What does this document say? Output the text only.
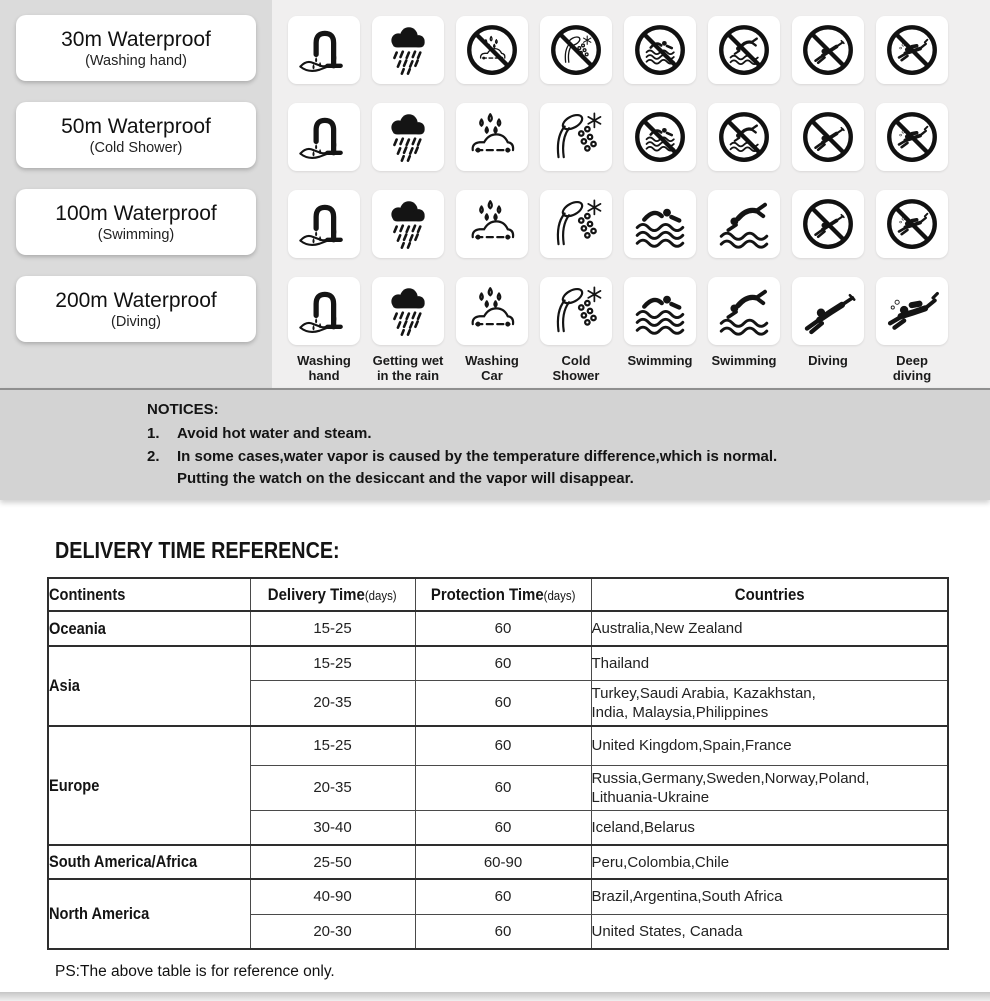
30m Waterproof
(Washing hand)
50m Waterproof
(Cold Shower)
100m Waterproof
(Swimming)
200m Waterproof
(Diving)
Washing hand
Getting wet in the rain
Washing Car
Cold Shower
Swimming Swimming	Diving	Deep diving
NOTICES:
1.	Avoid hot water and steam.
2.	In some cases,water vapor is caused by the temperature difference,which is normal.
Putting the watch on the desiccant and the vapor will disappear.
DELIVERY TIME REFERENCE:
Continents	Delivery Time(days)	Protection Time(days)	Countries
Oceania	15-25	60	Australia,New Zealand

Asia	15-25	60	Thailand

	20-35	60	Turkey,Saudi Arabia, Kazakhstan,
India, Malaysia,Philippines

Europe	15-25	60	United Kingdom,Spain,France

	20-35	60	Russia,Germany,Sweden,Norway,Poland,
Lithuania-Ukraine

	30-40	60	Iceland,Belarus

South America/Africa	25-50	60-90	Peru,Colombia,Chile

North America	40-90	60	Brazil,Argentina,South Africa

	20-30	60	United States, Canada
PS:The above table is for reference only.
